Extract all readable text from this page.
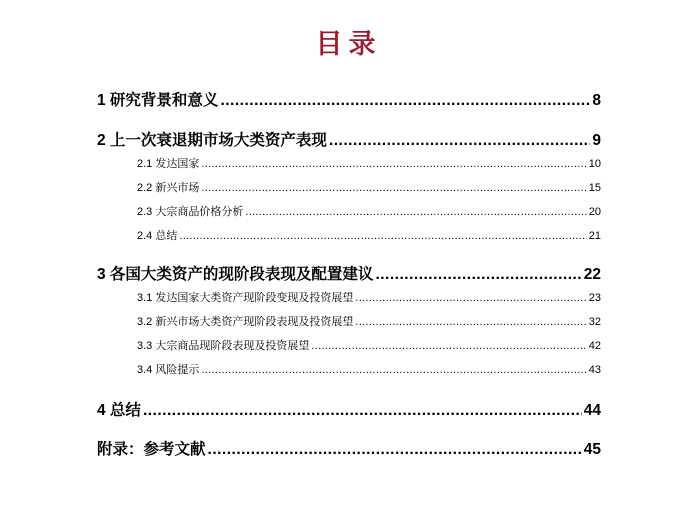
目录
1 研究背景和意义 .....	8
2 上一次衰退期市场大类资产表现 .....	9
2.1 发达国家 .....	10
2.2 新兴市场 .....	15
2.3 大宗商品价格分析 .....	20
2.4 总结 .....	21
3 各国大类资产的现阶段表现及配置建议 .....	22
3.1 发达国家大类资产现阶段变现及投资展望 .....	23
3.2 新兴市场大类资产现阶段表现及投资展望 .....	32
3.3 大宗商品现阶段表现及投资展望 .....	42
3.4 风险提示 .....	43
4 总结 .....	44
附录：参考文献 .....	45
